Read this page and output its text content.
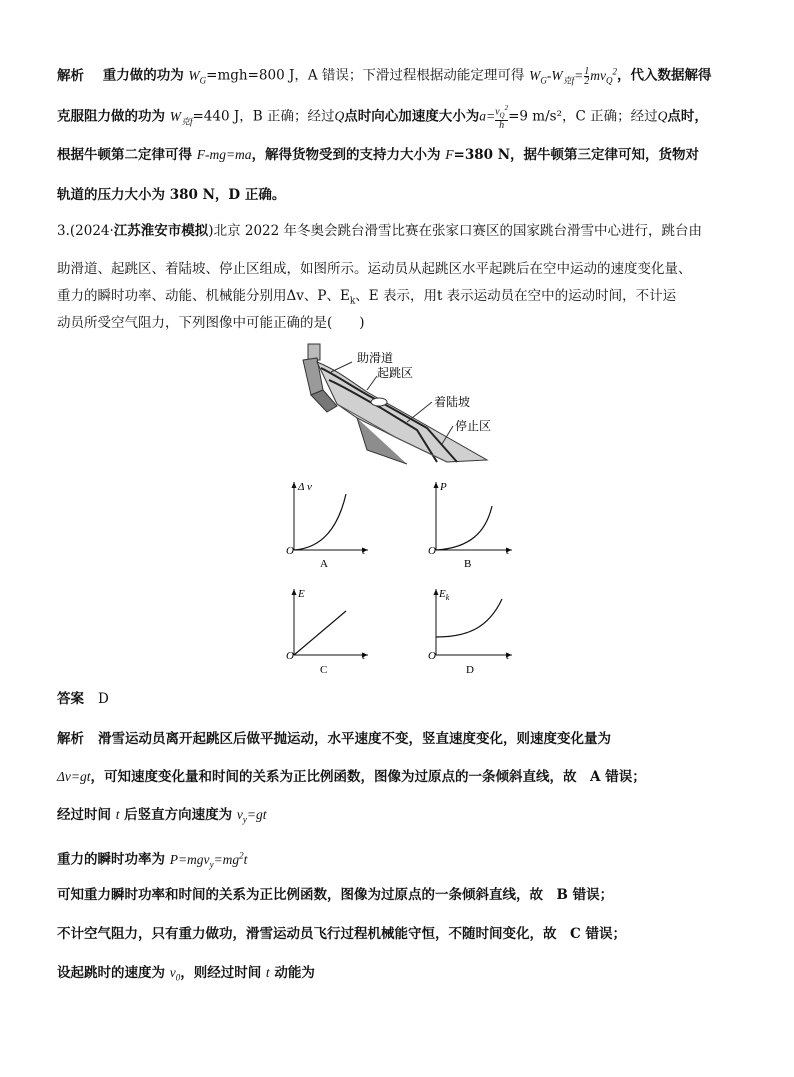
解析 重力做的功为 $W_G=mgh=800$ J，A 错误；下滑过程根据动能定理可得 $W_G-W_{克f}= \frac{1}{2} mv_Q^2$，代入数据解得
克服阻力做的功为 $W_{克f}=440$ J，B 正确；经过Q点时向心加速度大小为$a= \frac{v_Q^2}{h} =9$ m/s²，C 正确；经过Q点时，
根据牛顿第二定律可得 F-mg=ma，解得货物受到的支持力大小为 F=380 N，据牛顿第三定律可知，货物对
轨道的压力大小为 380 N，D 正确。
3.(2024·江苏淮安市模拟)北京 2022 年冬奥会跳台滑雪比赛在张家口赛区的国家跳台滑雪中心进行，跳台由
助滑道、起跳区、着陆坡、停止区组成，如图所示。运动员从起跳区水平起跳后在空中运动的速度变化量、
重力的瞬时功率、动能、机械能分别用Δv、P、$E_k$、E 表示，用t 表示运动员在空中的运动时间，不计运
动员所受空气阻力，下列图像中可能正确的是(　　)
助滑道
起跳区
着陆坡
停止区
Δ v
t
O
A
P
t
O
B
E
t
O
C
$E_k$
t
O
D
答案 D
解析 滑雪运动员离开起跳区后做平抛运动，水平速度不变，竖直速度变化，则速度变化量为
Δv=gt，可知速度变化量和时间的关系为正比例函数，图像为过原点的一条倾斜直线，故　A 错误；
经过时间 t 后竖直方向速度为 $v_y=gt$
重力的瞬时功率为 $P=mgv_y=mg^2t$
可知重力瞬时功率和时间的关系为正比例函数，图像为过原点的一条倾斜直线，故　B 错误；
不计空气阻力，只有重力做功，滑雪运动员飞行过程机械能守恒，不随时间变化，故　C 错误；
设起跳时的速度为 $v_0$，则经过时间 t 动能为
